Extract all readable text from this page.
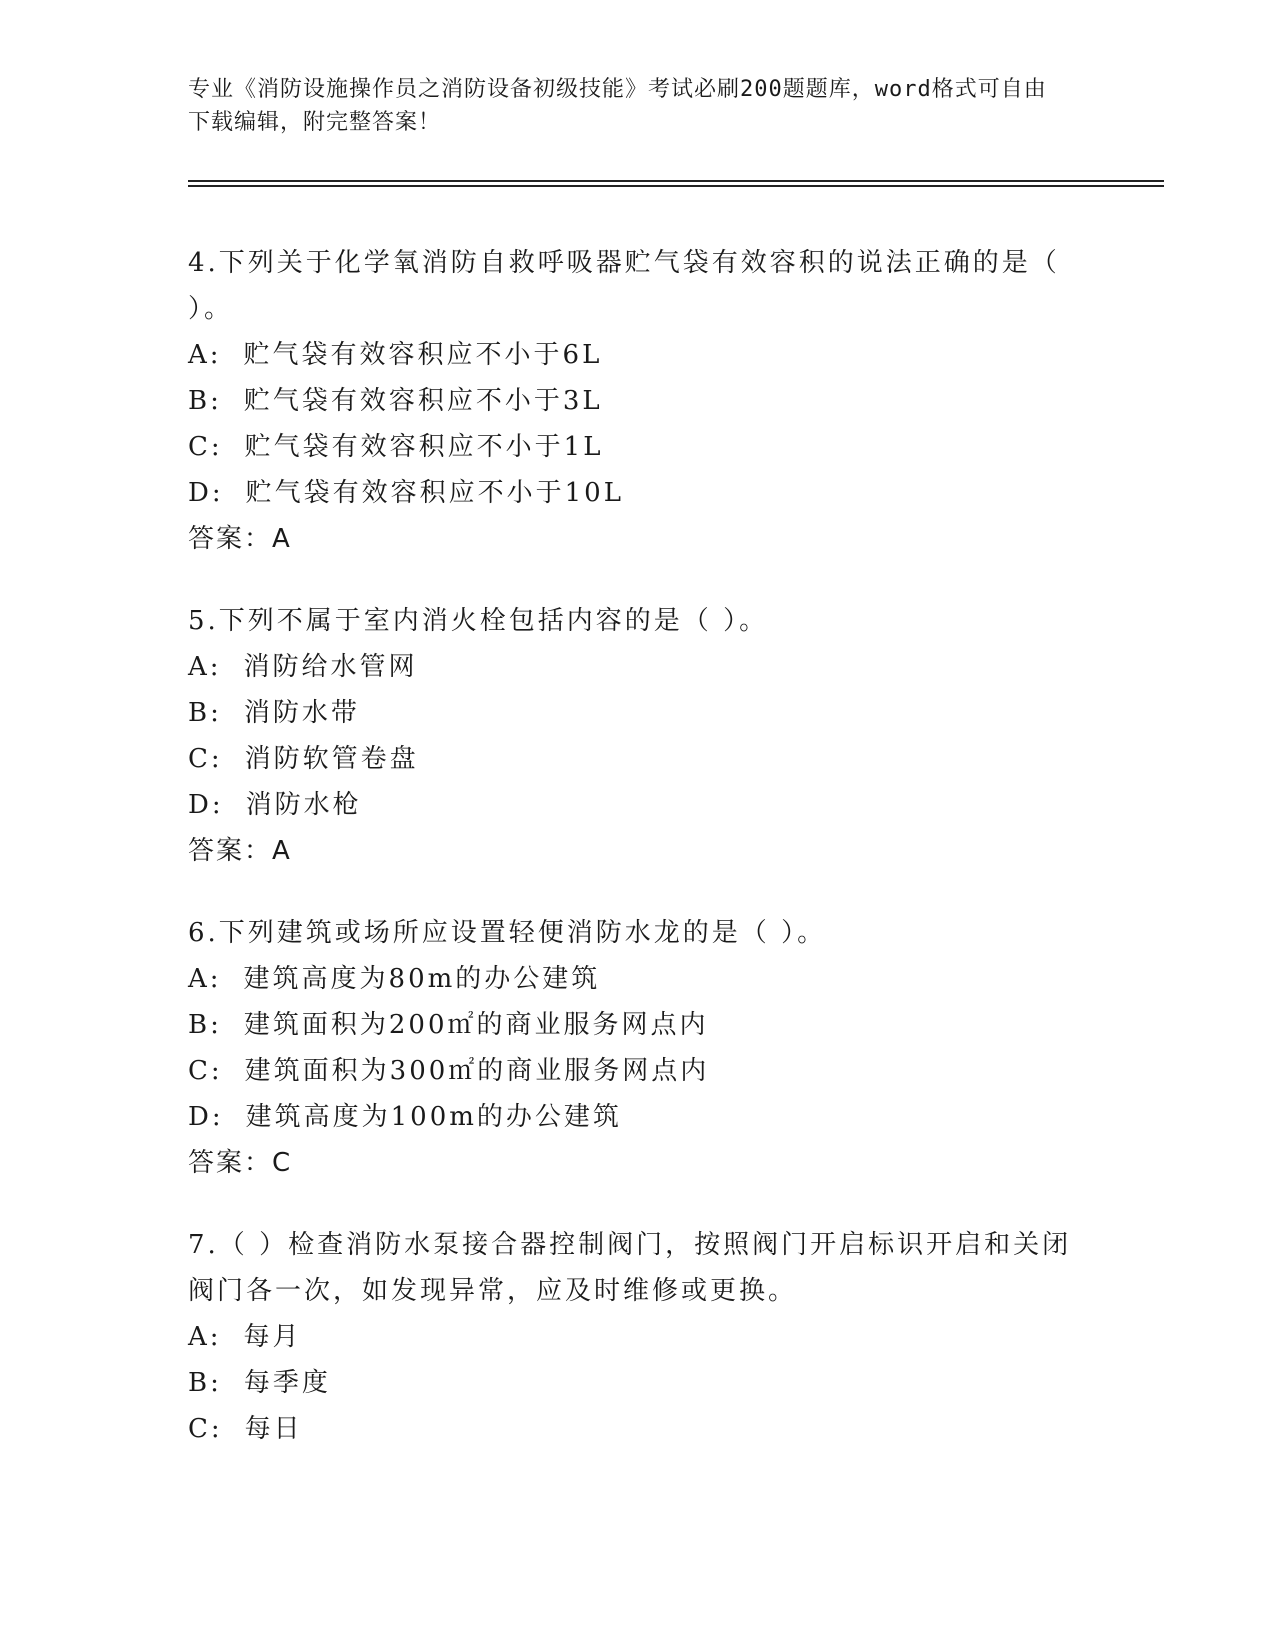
专业《消防设施操作员之消防设备初级技能》考试必刷200题题库，word格式可自由下载编辑，附完整答案！

4.下列关于化学氧消防自救呼吸器贮气袋有效容积的说法正确的是（ ）。

A: 贮气袋有效容积应不小于6L

B: 贮气袋有效容积应不小于3L

C: 贮气袋有效容积应不小于1L

D: 贮气袋有效容积应不小于10L

答案：A

5.下列不属于室内消火栓包括内容的是（ ）。

A: 消防给水管网

B: 消防水带

C: 消防软管卷盘

D: 消防水枪

答案：A

6.下列建筑或场所应设置轻便消防水龙的是（ ）。

A: 建筑高度为80m的办公建筑

B: 建筑面积为200㎡的商业服务网点内

C: 建筑面积为300㎡的商业服务网点内

D: 建筑高度为100m的办公建筑

答案：C

7.（ ）检查消防水泵接合器控制阀门，按照阀门开启标识开启和关闭阀门各一次，如发现异常，应及时维修或更换。

A: 每月

B: 每季度

C: 每日
